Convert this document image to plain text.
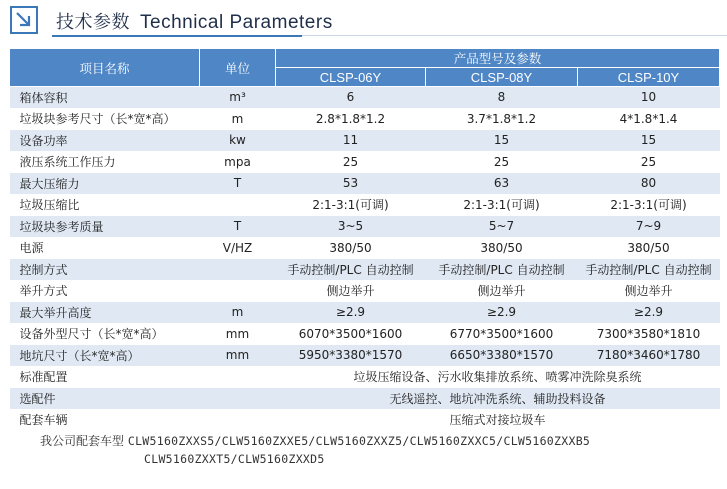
技术参数 Technical Parameters
项目名称	单位	产品型号及参数		
		CLSP-06Y	CLSP-08Y	CLSP-10Y
箱体容积	m³	6	8	10
垃圾块参考尺寸（长*宽*高）	m	2.8*1.8*1.2	3.7*1.8*1.2	4*1.8*1.4
设备功率	kw	11	15	15
液压系统工作压力	mpa	25	25	25
最大压缩力	T	53	63	80
垃圾压缩比		2:1-3:1(可调)	2:1-3:1(可调)	2:1-3:1(可调)
垃圾块参考质量	T	3~5	5~7	7~9
电源	V/HZ	380/50	380/50	380/50
控制方式		手动控制/PLC 自动控制	手动控制/PLC 自动控制	手动控制/PLC 自动控制
举升方式		侧边举升	侧边举升	侧边举升
最大举升高度	m	≥2.9	≥2.9	≥2.9
设备外型尺寸（长*宽*高）	mm	6070*3500*1600	6770*3500*1600	7300*3580*1810
地坑尺寸（长*宽*高）	mm	5950*3380*1570	6650*3380*1570	7180*3460*1780
标准配置		垃圾压缩设备、污水收集排放系统、喷雾冲洗除臭系统		
选配件		无线遥控、地坑冲洗系统、辅助投料设备		
配套车辆		压缩式对接垃圾车		
我公司配套车型 CLW5160ZXXS5/CLW5160ZXXE5/CLW5160ZXXZ5/CLW5160ZXXC5/CLW5160ZXXB5
CLW5160ZXXT5/CLW5160ZXXD5
